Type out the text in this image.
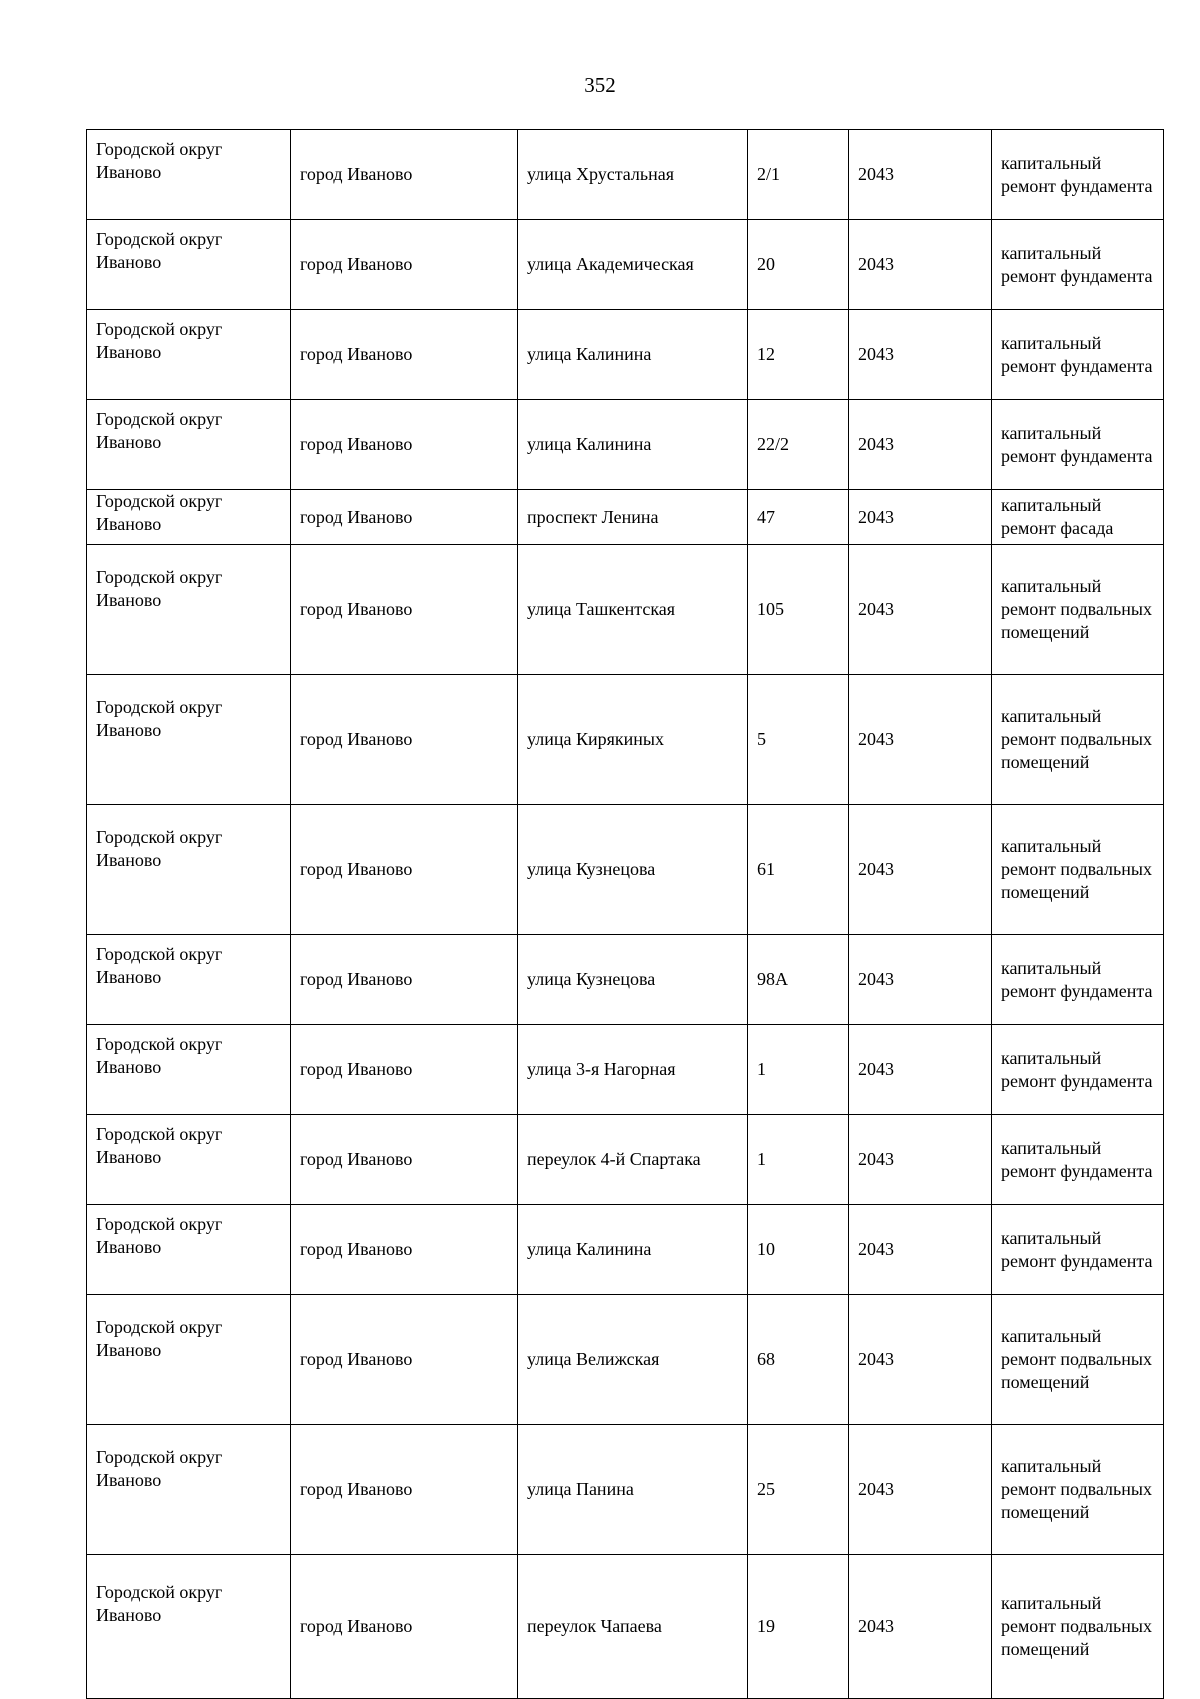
352
Городской округ Иваново	город Иваново	улица Хрустальная	2/1	2043	капитальный ремонт фундамента
Городской округ Иваново	город Иваново	улица Академическая	20	2043	капитальный ремонт фундамента
Городской округ Иваново	город Иваново	улица Калинина	12	2043	капитальный ремонт фундамента
Городской округ Иваново	город Иваново	улица Калинина	22/2	2043	капитальный ремонт фундамента
Городской округ Иваново	город Иваново	проспект Ленина	47	2043	капитальный ремонт фасада
Городской округ Иваново	город Иваново	улица Ташкентская	105	2043	капитальный ремонт подвальных помещений
Городской округ Иваново	город Иваново	улица Кирякиных	5	2043	капитальный ремонт подвальных помещений
Городской округ Иваново	город Иваново	улица Кузнецова	61	2043	капитальный ремонт подвальных помещений
Городской округ Иваново	город Иваново	улица Кузнецова	98А	2043	капитальный ремонт фундамента
Городской округ Иваново	город Иваново	улица 3-я Нагорная	1	2043	капитальный ремонт фундамента
Городской округ Иваново	город Иваново	переулок 4-й Спартака	1	2043	капитальный ремонт фундамента
Городской округ Иваново	город Иваново	улица Калинина	10	2043	капитальный ремонт фундамента
Городской округ Иваново	город Иваново	улица Велижская	68	2043	капитальный ремонт подвальных помещений
Городской округ Иваново	город Иваново	улица Панина	25	2043	капитальный ремонт подвальных помещений
Городской округ Иваново	город Иваново	переулок Чапаева	19	2043	капитальный ремонт подвальных помещений
